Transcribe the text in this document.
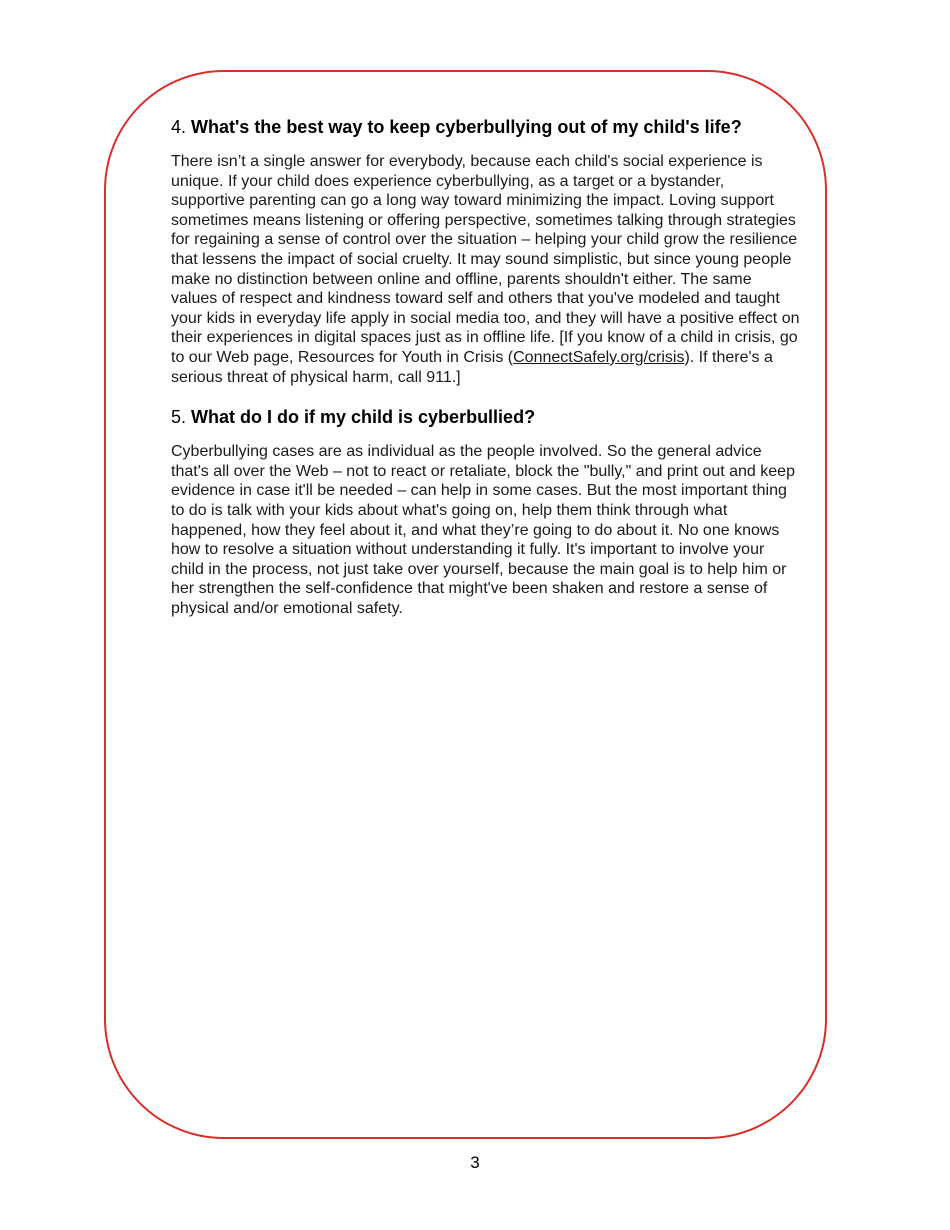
4. What's the best way to keep cyberbullying out of my child's life?

There isn’t a single answer for everybody, because each child's social experience is unique. If your child does experience cyberbullying, as a target or a bystander, supportive parenting can go a long way toward minimizing the impact. Loving support sometimes means listening or offering perspective, sometimes talking through strategies for regaining a sense of control over the situation – helping your child grow the resilience that lessens the impact of social cruelty. It may sound simplistic, but since young people make no distinction between online and offline, parents shouldn't either. The same values of respect and kindness toward self and others that you've modeled and taught your kids in everyday life apply in social media too, and they will have a positive effect on their experiences in digital spaces just as in offline life. [If you know of a child in crisis, go to our Web page, Resources for Youth in Crisis (ConnectSafely.org/crisis). If there's a serious threat of physical harm, call 911.]

5. What do I do if my child is cyberbullied?

Cyberbullying cases are as individual as the people involved. So the general advice that's all over the Web – not to react or retaliate, block the "bully," and print out and keep evidence in case it'll be needed – can help in some cases. But the most important thing to do is talk with your kids about what's going on, help them think through what happened, how they feel about it, and what they’re going to do about it. No one knows how to resolve a situation without understanding it fully. It's important to involve your child in the process, not just take over yourself, because the main goal is to help him or her strengthen the self-confidence that might've been shaken and restore a sense of physical and/or emotional safety.

3
